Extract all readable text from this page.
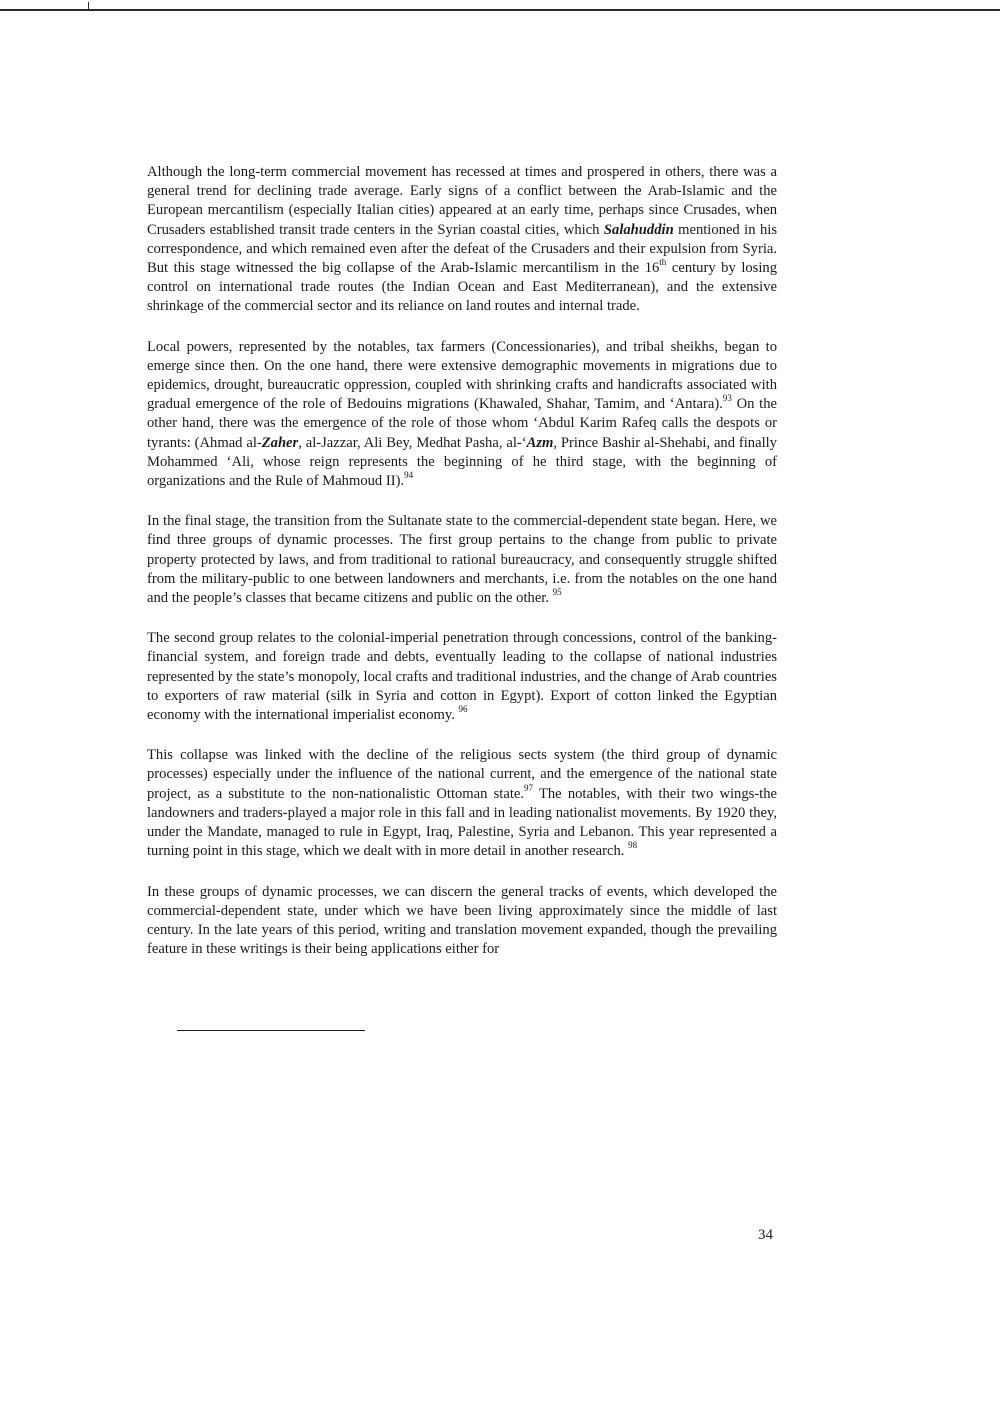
Although the long-term commercial movement has recessed at times and prospered in others, there was a general trend for declining trade average. Early signs of a conflict between the Arab-Islamic and the European mercantilism (especially Italian cities) appeared at an early time, perhaps since Crusades, when Crusaders established transit trade centers in the Syrian coastal cities, which Salahuddin mentioned in his correspondence, and which remained even after the defeat of the Crusaders and their expulsion from Syria. But this stage witnessed the big collapse of the Arab-Islamic mercantilism in the 16th century by losing control on international trade routes (the Indian Ocean and East Mediterranean), and the extensive shrinkage of the commercial sector and its reliance on land routes and internal trade.

Local powers, represented by the notables, tax farmers (Concessionaries), and tribal sheikhs, began to emerge since then. On the one hand, there were extensive demographic movements in migrations due to epidemics, drought, bureaucratic oppression, coupled with shrinking crafts and handicrafts associated with gradual emergence of the role of Bedouins migrations (Khawaled, Shahar, Tamim, and ‘Antara).$^{93}$ On the other hand, there was the emergence of the role of those whom ‘Abdul Karim Rafeq calls the despots or tyrants: (Ahmad al-Zaher, al-Jazzar, Ali Bey, Medhat Pasha, al-‘Azm, Prince Bashir al-Shehabi, and finally Mohammed ‘Ali, whose reign represents the beginning of he third stage, with the beginning of organizations and the Rule of Mahmoud II).$^{94}$

In the final stage, the transition from the Sultanate state to the commercial-dependent state began. Here, we find three groups of dynamic processes. The first group pertains to the change from public to private property protected by laws, and from traditional to rational bureaucracy, and consequently struggle shifted from the military-public to one between landowners and merchants, i.e. from the notables on the one hand and the people’s classes that became citizens and public on the other. $^{95}$

The second group relates to the colonial-imperial penetration through concessions, control of the banking-financial system, and foreign trade and debts, eventually leading to the collapse of national industries represented by the state’s monopoly, local crafts and traditional industries, and the change of Arab countries to exporters of raw material (silk in Syria and cotton in Egypt). Export of cotton linked the Egyptian economy with the international imperialist economy. $^{96}$

This collapse was linked with the decline of the religious sects system (the third group of dynamic processes) especially under the influence of the national current, and the emergence of the national state project, as a substitute to the non-nationalistic Ottoman state.$^{97}$ The notables, with their two wings-the landowners and traders-played a major role in this fall and in leading nationalist movements. By 1920 they, under the Mandate, managed to rule in Egypt, Iraq, Palestine, Syria and Lebanon. This year represented a turning point in this stage, which we dealt with in more detail in another research. $^{98}$

In these groups of dynamic processes, we can discern the general tracks of events, which developed the commercial-dependent state, under which we have been living approximately since the middle of last century. In the late years of this period, writing and translation movement expanded, though the prevailing feature in these writings is their being applications either for

34
